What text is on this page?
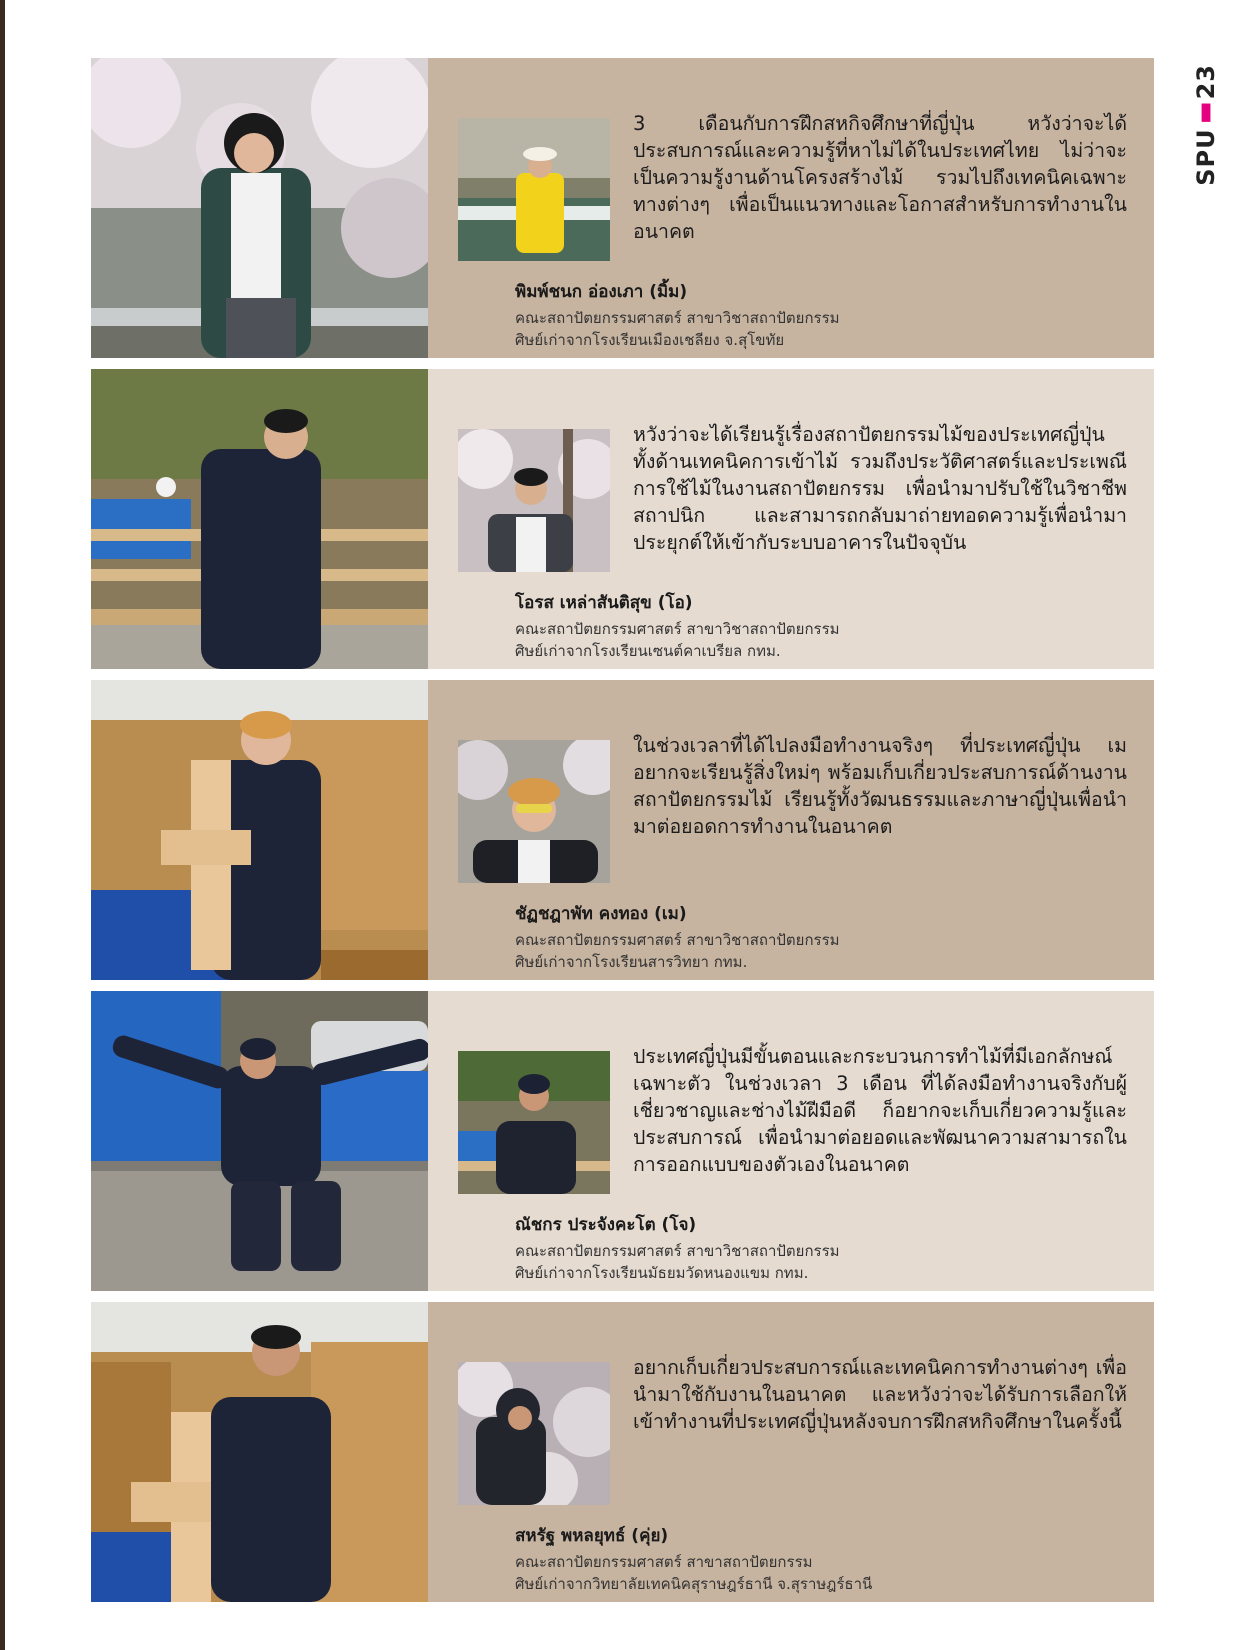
SPU▮23

3 เดือนกับการฝึกสหกิจศึกษาที่ญี่ปุ่น หวังว่าจะได้ประสบการณ์และความรู้ที่หาไม่ได้ในประเทศไทย ไม่ว่าจะเป็นความรู้งานด้านโครงสร้างไม้ รวมไปถึงเทคนิคเฉพาะทางต่างๆ เพื่อเป็นแนวทางและโอกาสสำหรับการทำงานในอนาคต

พิมพ์ชนก อ่องเภา (มิ้ม)
คณะสถาปัตยกรรมศาสตร์ สาขาวิชาสถาปัตยกรรม
ศิษย์เก่าจากโรงเรียนเมืองเชลียง จ.สุโขทัย

หวังว่าจะได้เรียนรู้เรื่องสถาปัตยกรรมไม้ของประเทศญี่ปุ่น ทั้งด้านเทคนิคการเข้าไม้ รวมถึงประวัติศาสตร์และประเพณีการใช้ไม้ในงานสถาปัตยกรรม เพื่อนำมาปรับใช้ในวิชาชีพสถาปนิก และสามารถกลับมาถ่ายทอดความรู้เพื่อนำมาประยุกต์ให้เข้ากับระบบอาคารในปัจจุบัน

โอรส เหล่าสันติสุข (โอ)
คณะสถาปัตยกรรมศาสตร์ สาขาวิชาสถาปัตยกรรม
ศิษย์เก่าจากโรงเรียนเซนต์คาเบรียล กทม.

ในช่วงเวลาที่ได้ไปลงมือทำงานจริงๆ ที่ประเทศญี่ปุ่น เมอยากจะเรียนรู้สิ่งใหม่ๆ พร้อมเก็บเกี่ยวประสบการณ์ด้านงานสถาปัตยกรรมไม้ เรียนรู้ทั้งวัฒนธรรมและภาษาญี่ปุ่นเพื่อนำมาต่อยอดการทำงานในอนาคต

ชัฏชฎาพัท คงทอง (เม)
คณะสถาปัตยกรรมศาสตร์ สาขาวิชาสถาปัตยกรรม
ศิษย์เก่าจากโรงเรียนสารวิทยา กทม.

ประเทศญี่ปุ่นมีขั้นตอนและกระบวนการทำไม้ที่มีเอกลักษณ์เฉพาะตัว ในช่วงเวลา 3 เดือน ที่ได้ลงมือทำงานจริงกับผู้เชี่ยวชาญและช่างไม้ฝีมือดี ก็อยากจะเก็บเกี่ยวความรู้และประสบการณ์ เพื่อนำมาต่อยอดและพัฒนาความสามารถในการออกแบบของตัวเองในอนาคต

ณัชกร ประจังคะโต (โจ)
คณะสถาปัตยกรรมศาสตร์ สาขาวิชาสถาปัตยกรรม
ศิษย์เก่าจากโรงเรียนมัธยมวัดหนองแขม กทม.

อยากเก็บเกี่ยวประสบการณ์และเทคนิคการทำงานต่างๆ เพื่อนำมาใช้กับงานในอนาคต และหวังว่าจะได้รับการเลือกให้เข้าทำงานที่ประเทศญี่ปุ่นหลังจบการฝึกสหกิจศึกษาในครั้งนี้

สหรัฐ พหลยุทธ์ (คุ่ย)
คณะสถาปัตยกรรมศาสตร์ สาขาสถาปัตยกรรม
ศิษย์เก่าจากวิทยาลัยเทคนิคสุราษฎร์ธานี จ.สุราษฎร์ธานี
